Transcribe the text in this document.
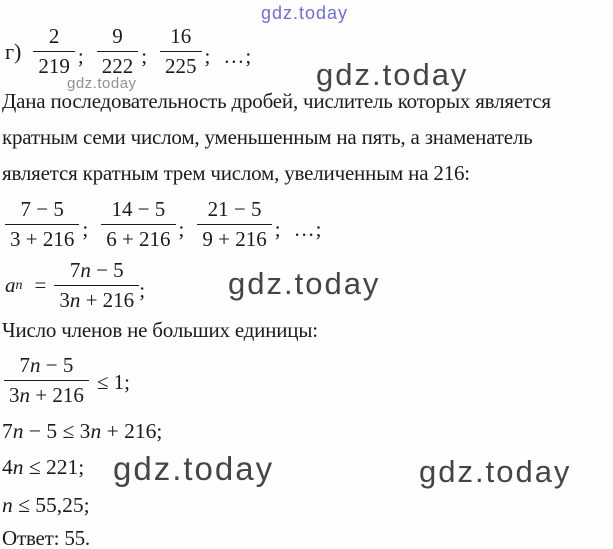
gdz.today
$г) \frac{2}{219}$ ; $\frac{9}{222}$ ; $\frac{16}{225}$ ; …;
gdz.today	gdz.today
Дана последовательность дробей, числитель которых является
кратным семи числом, уменьшенным на пять, а знаменатель
является кратным трем числом, увеличенным на 216:
$\frac{7 - 5}{3 + 216}$ ; $\frac{14 - 5}{6 + 216}$ ; $\frac{21 - 5}{9 + 216}$ ; …;
a $n = \frac{7n - 5}{3n + 216}$ ;	gdz.today
Число членов не больших единицы:
$\frac{7n - 5}{3n + 216} \le 1$;
7n − 5 ≤ 3n + 216;
4n ≤ 221; gdz.today
n ≤ 55,25;
Ответ: 55.
gdz.today
